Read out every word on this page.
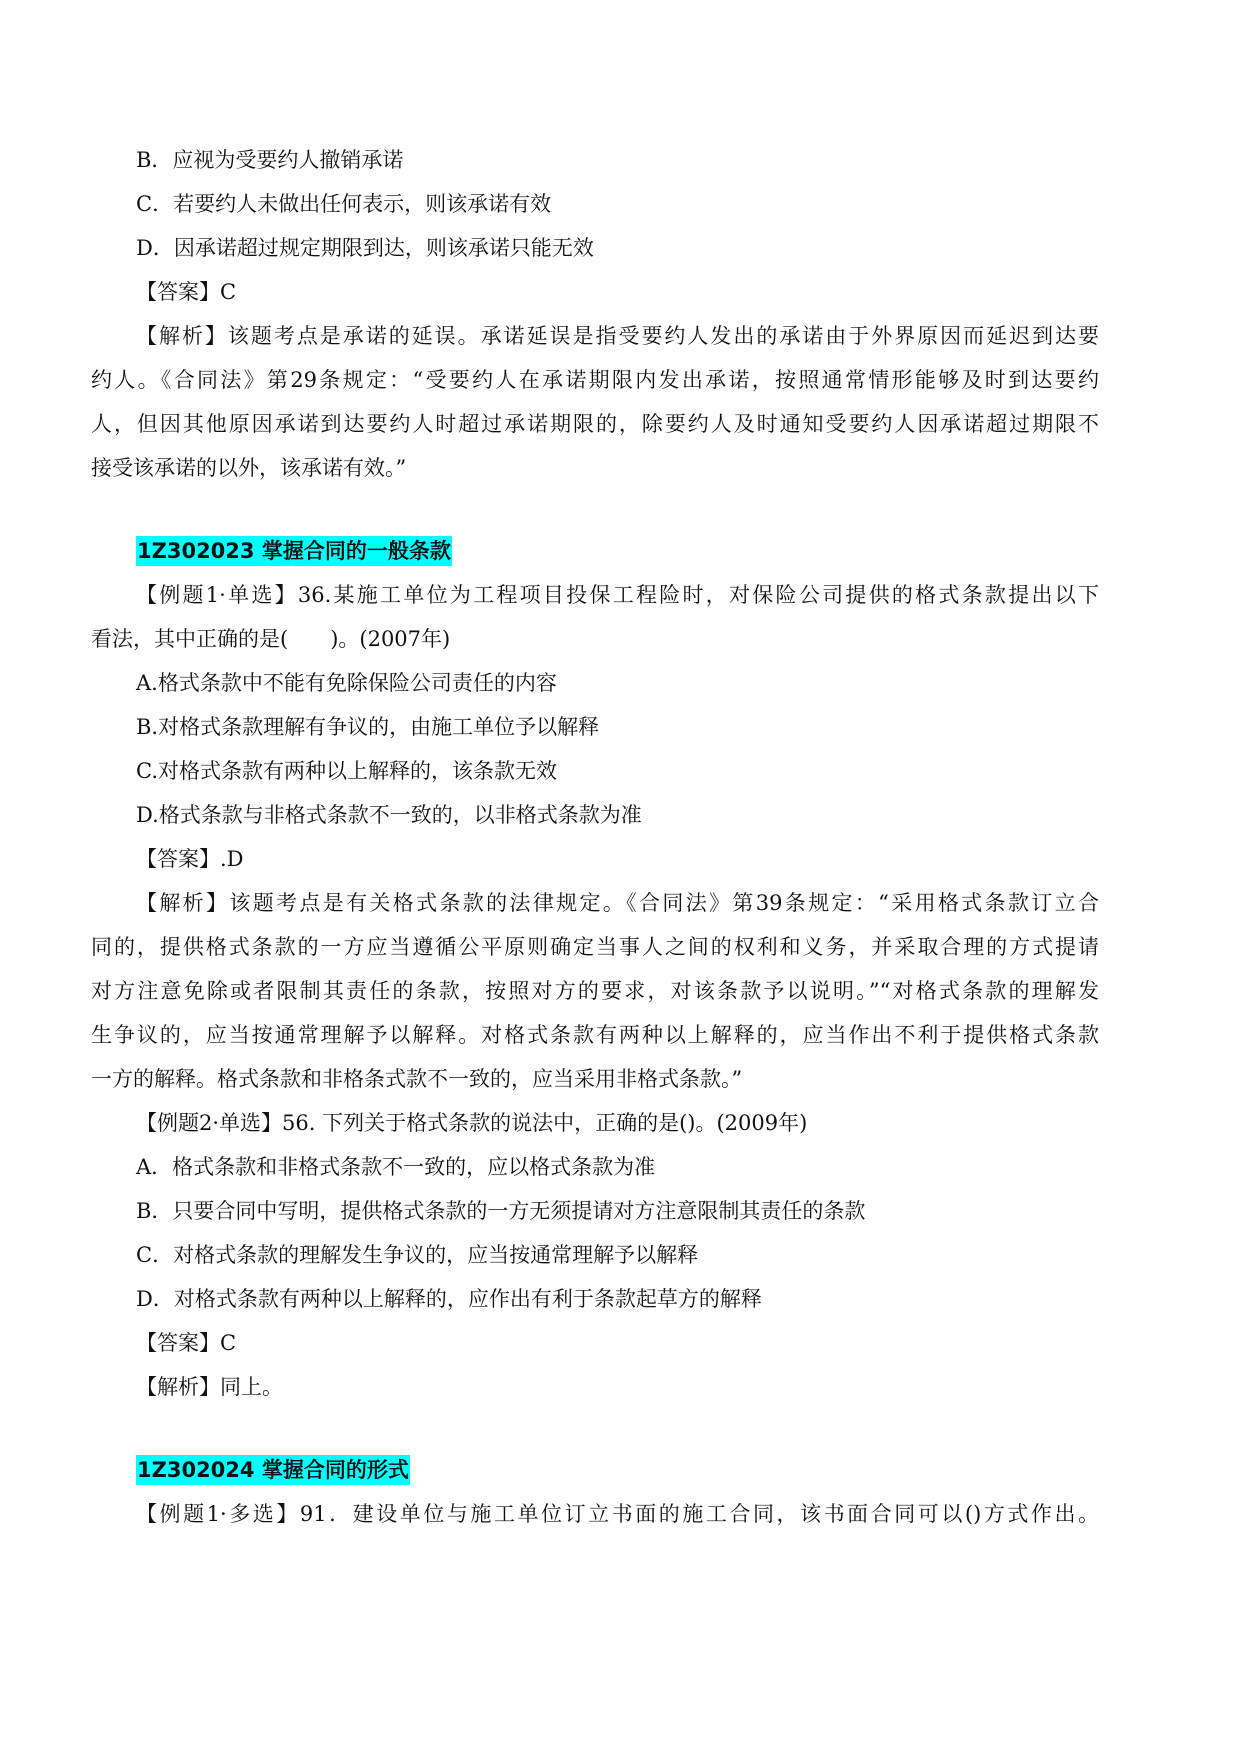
B．应视为受要约人撤销承诺
C．若要约人未做出任何表示，则该承诺有效
D．因承诺超过规定期限到达，则该承诺只能无效
【答案】C
【解析】该题考点是承诺的延误。承诺延误是指受要约人发出的承诺由于外界原因而延迟到达要
约人。《合同法》第29条规定：“受要约人在承诺期限内发出承诺，按照通常情形能够及时到达要约
人，但因其他原因承诺到达要约人时超过承诺期限的，除要约人及时通知受要约人因承诺超过期限不
接受该承诺的以外，该承诺有效。”
1Z302023 掌握合同的一般条款
【例题1·单选】36.某施工单位为工程项目投保工程险时，对保险公司提供的格式条款提出以下
看法，其中正确的是(　　)。(2007年)
A.格式条款中不能有免除保险公司责任的内容
B.对格式条款理解有争议的，由施工单位予以解释
C.对格式条款有两种以上解释的，该条款无效
D.格式条款与非格式条款不一致的，以非格式条款为准
【答案】.D
【解析】该题考点是有关格式条款的法律规定。《合同法》第39条规定：“采用格式条款订立合
同的，提供格式条款的一方应当遵循公平原则确定当事人之间的权利和义务，并采取合理的方式提请
对方注意免除或者限制其责任的条款，按照对方的要求，对该条款予以说明。”“对格式条款的理解发
生争议的，应当按通常理解予以解释。对格式条款有两种以上解释的，应当作出不利于提供格式条款
一方的解释。格式条款和非格条式款不一致的，应当采用非格式条款。”
【例题2·单选】56. 下列关于格式条款的说法中，正确的是()。(2009年)
A．格式条款和非格式条款不一致的，应以格式条款为准
B．只要合同中写明，提供格式条款的一方无须提请对方注意限制其责任的条款
C．对格式条款的理解发生争议的，应当按通常理解予以解释
D．对格式条款有两种以上解释的，应作出有利于条款起草方的解释
【答案】C
【解析】同上。
1Z302024 掌握合同的形式
【例题1·多选】91．建设单位与施工单位订立书面的施工合同，该书面合同可以()方式作出。
